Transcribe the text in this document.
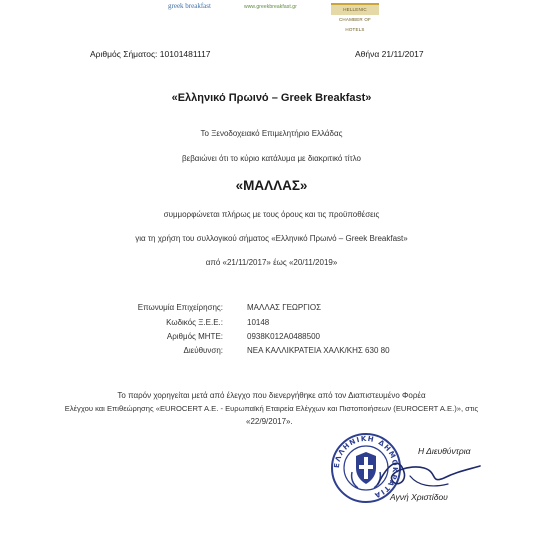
greek breakfast	www.greekbreakfast.gr	HELLENIC CHAMBER OF HOTELS
Αριθμός Σήματος: 10101481117	Αθήνα 21/11/2017
«Ελληνικό Πρωινό – Greek Breakfast»
Το Ξενοδοχειακό Επιμελητήριο Ελλάδας
βεβαιώνει ότι το κύριο κατάλυμα με διακριτικό τίτλο
«ΜΑΛΛΑΣ»
συμμορφώνεται πλήρως με τους όρους και τις προϋποθέσεις
για τη χρήση του συλλογικού σήματος «Ελληνικό Πρωινό – Greek Breakfast»
από «21/11/2017» έως «20/11/2019»
Επωνυμία Επιχείρησης:	ΜΑΛΛΑΣ ΓΕΩΡΓΙΟΣ
Κωδικός Ξ.Ε.Ε.:	10148
Αριθμός ΜΗΤΕ:	0938K012A0488500
Διεύθυνση:	ΝΕΑ ΚΑΛΛΙΚΡΑΤΕΙΑ ΧΑΛΚ/ΚΗΣ 630 80
Το παρόν χορηγείται μετά από έλεγχο που διενεργήθηκε από τον Διαπιστευμένο Φορέα
Ελέγχου και Επιθεώρησης «EUROCERT A.E. - Ευρωπαϊκή Εταιρεία Ελέγχων και Πιστοποιήσεων (EUROCERT A.E.)», στις
«22/9/2017».
ΕΛΛΗΝΙΚΗ ΔΗΜΟΚΡΑΤΙΑ
Η Διευθύντρια
Αγνή Χριστίδου
